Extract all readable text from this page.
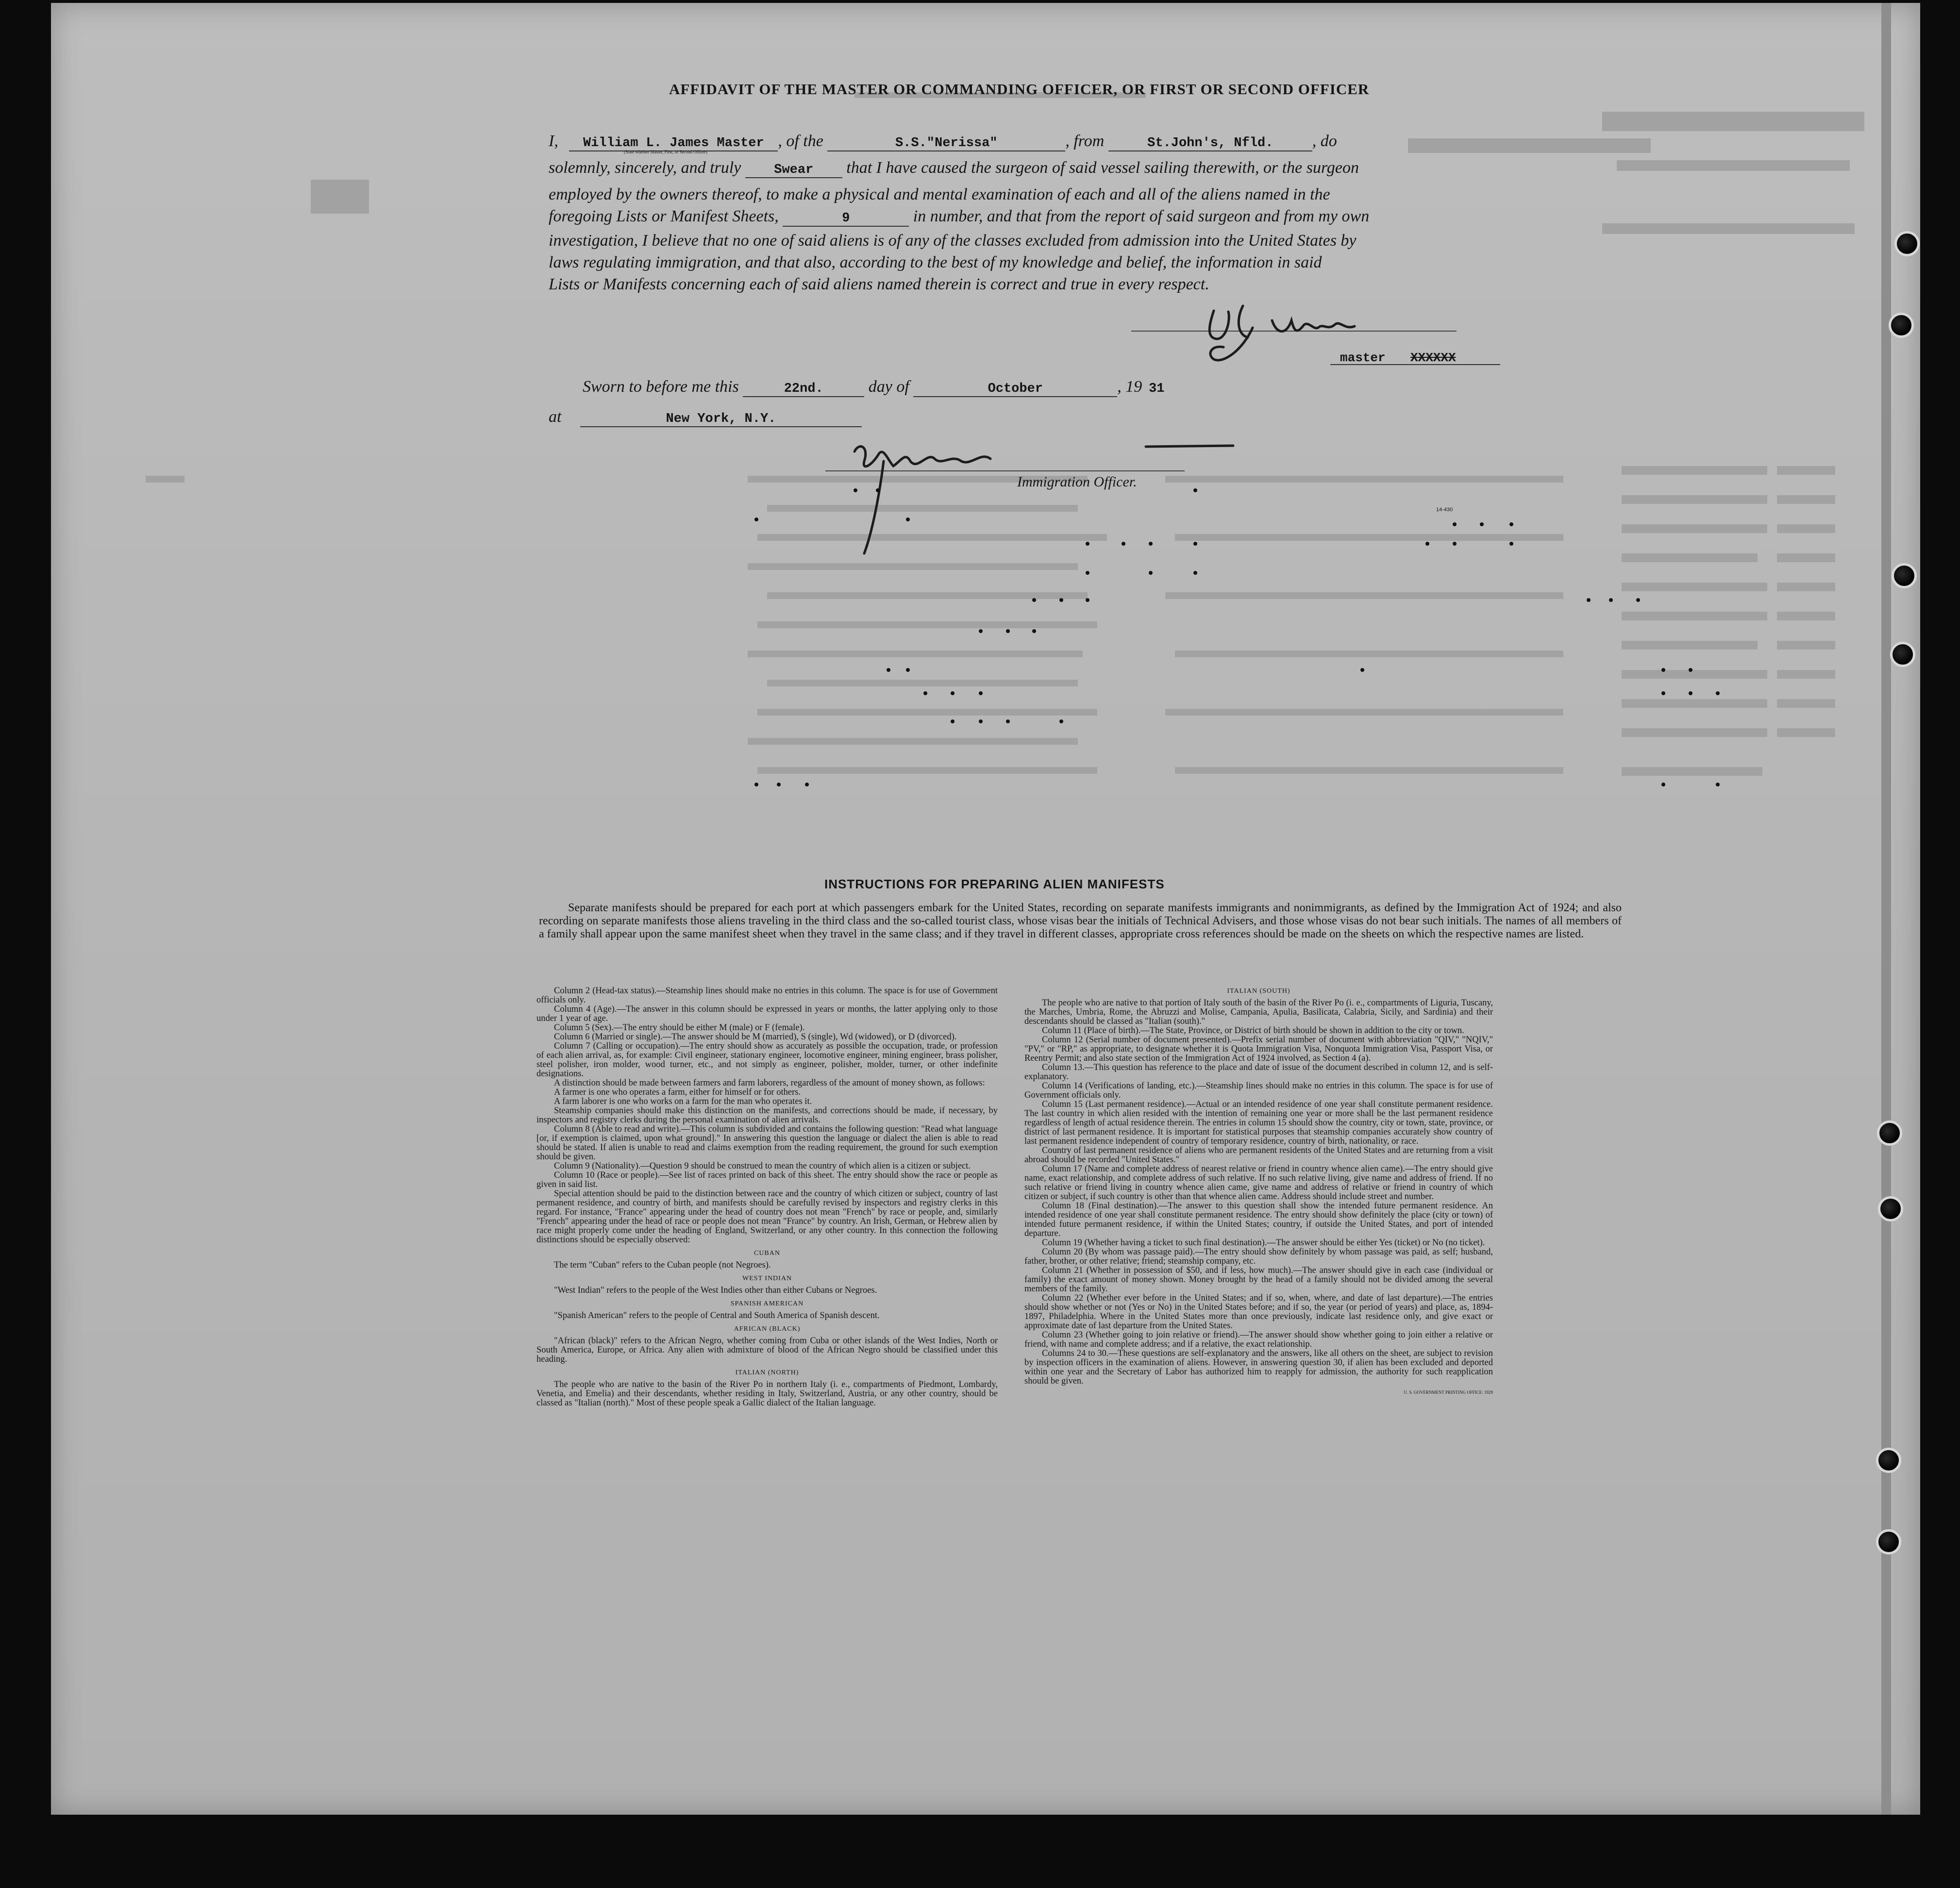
AFFIDAVIT OF THE MASTER OR COMMANDING OFFICER, OR FIRST OR SECOND OFFICER
I, William L. James Master , of the	S.S."Nerissa"	, from	St.John's, Nfld. , do
(State whether Master, First, or Second Officer)
solemnly, sincerely, and truly	Swear that I have caused the surgeon of said vessel sailing therewith, or the surgeon
employed by the owners thereof, to make a physical and mental examination of each and all of the aliens named in the
foregoing Lists or Manifest Sheets,	9	in number, and that from the report of said surgeon and from my own
investigation, I believe that no one of said aliens is of any of the classes excluded from admission into the United States by
laws regulating immigration, and that also, according to the best of my knowledge and belief, the information in said
Lists or Manifests concerning each of said aliens named therein is correct and true in every respect.
master XXXXXX
Sworn to before me this	22nd.	day of	October	, 19 31
at	New York, N.Y.
Immigration Officer.
14-430
INSTRUCTIONS FOR PREPARING ALIEN MANIFESTS
Separate manifests should be prepared for each port at which passengers embark for the United States, recording on separate manifests immigrants and nonimmigrants, as defined by the Immigration Act of 1924; and also recording on separate manifests those aliens traveling in the third class and the so-called tourist class, whose visas bear the initials of Technical Advisers, and those whose visas do not bear such initials. The names of all members of a family shall appear upon the same manifest sheet when they travel in the same class; and if they travel in different classes, appropriate cross references should be made on the sheets on which the respective names are listed.

Column 2 (Head-tax status).—Steamship lines should make no entries in this column. The space is for use of Government officials only.

Column 4 (Age).—The answer in this column should be expressed in years or months, the latter applying only to those under 1 year of age.

Column 5 (Sex).—The entry should be either M (male) or F (female).

Column 6 (Married or single).—The answer should be M (married), S (single), Wd (widowed), or D (divorced).

Column 7 (Calling or occupation).—The entry should show as accurately as possible the occupation, trade, or profession of each alien arrival, as, for example: Civil engineer, stationary engineer, locomotive engineer, mining engineer, brass polisher, steel polisher, iron molder, wood turner, etc., and not simply as engineer, polisher, molder, turner, or other indefinite designations.

A distinction should be made between farmers and farm laborers, regardless of the amount of money shown, as follows:

A farmer is one who operates a farm, either for himself or for others.

A farm laborer is one who works on a farm for the man who operates it.

Steamship companies should make this distinction on the manifests, and corrections should be made, if necessary, by inspectors and registry clerks during the personal examination of alien arrivals.

Column 8 (Able to read and write).—This column is subdivided and contains the following question: "Read what language [or, if exemption is claimed, upon what ground]." In answering this question the language or dialect the alien is able to read should be stated. If alien is unable to read and claims exemption from the reading requirement, the ground for such exemption should be given.

Column 9 (Nationality).—Question 9 should be construed to mean the country of which alien is a citizen or subject.

Column 10 (Race or people).—See list of races printed on back of this sheet. The entry should show the race or people as given in said list.

Special attention should be paid to the distinction between race and the country of which citizen or subject, country of last permanent residence, and country of birth, and manifests should be carefully revised by inspectors and registry clerks in this regard. For instance, "France" appearing under the head of country does not mean "French" by race or people, and, similarly "French" appearing under the head of race or people does not mean "France" by country. An Irish, German, or Hebrew alien by race might properly come under the heading of England, Switzerland, or any other country. In this connection the following distinctions should be especially observed:

CUBAN

The term "Cuban" refers to the Cuban people (not Negroes).

WEST INDIAN

"West Indian" refers to the people of the West Indies other than either Cubans or Negroes.

SPANISH AMERICAN

"Spanish American" refers to the people of Central and South America of Spanish descent.

AFRICAN (BLACK)

"African (black)" refers to the African Negro, whether coming from Cuba or other islands of the West Indies, North or South America, Europe, or Africa. Any alien with admixture of blood of the African Negro should be classified under this heading.

ITALIAN (NORTH)

The people who are native to the basin of the River Po in northern Italy (i. e., compartments of Piedmont, Lombardy, Venetia, and Emelia) and their descendants, whether residing in Italy, Switzerland, Austria, or any other country, should be classed as "Italian (north)." Most of these people speak a Gallic dialect of the Italian language.

ITALIAN (SOUTH)

The people who are native to that portion of Italy south of the basin of the River Po (i. e., compartments of Liguria, Tuscany, the Marches, Umbria, Rome, the Abruzzi and Molise, Campania, Apulia, Basilicata, Calabria, Sicily, and Sardinia) and their descendants should be classed as "Italian (south)."

Column 11 (Place of birth).—The State, Province, or District of birth should be shown in addition to the city or town.

Column 12 (Serial number of document presented).—Prefix serial number of document with abbreviation "QIV," "NQIV," "PV," or "RP," as appropriate, to designate whether it is Quota Immigration Visa, Nonquota Immigration Visa, Passport Visa, or Reentry Permit; and also state section of the Immigration Act of 1924 involved, as Section 4 (a).

Column 13.—This question has reference to the place and date of issue of the document described in column 12, and is self-explanatory.

Column 14 (Verifications of landing, etc.).—Steamship lines should make no entries in this column. The space is for use of Government officials only.

Column 15 (Last permanent residence).—Actual or an intended residence of one year shall constitute permanent residence. The last country in which alien resided with the intention of remaining one year or more shall be the last permanent residence regardless of length of actual residence therein. The entries in column 15 should show the country, city or town, state, province, or district of last permanent residence. It is important for statistical purposes that steamship companies accurately show country of last permanent residence independent of country of temporary residence, country of birth, nationality, or race.

Country of last permanent residence of aliens who are permanent residents of the United States and are returning from a visit abroad should be recorded "United States."

Column 17 (Name and complete address of nearest relative or friend in country whence alien came).—The entry should give name, exact relationship, and complete address of such relative. If no such relative living, give name and address of friend. If no such relative or friend living in country whence alien came, give name and address of relative or friend in country of which citizen or subject, if such country is other than that whence alien came. Address should include street and number.

Column 18 (Final destination).—The answer to this question shall show the intended future permanent residence. An intended residence of one year shall constitute permanent residence. The entry should show definitely the place (city or town) of intended future permanent residence, if within the United States; country, if outside the United States, and port of intended departure.

Column 19 (Whether having a ticket to such final destination).—The answer should be either Yes (ticket) or No (no ticket).

Column 20 (By whom was passage paid).—The entry should show definitely by whom passage was paid, as self; husband, father, brother, or other relative; friend; steamship company, etc.

Column 21 (Whether in possession of $50, and if less, how much).—The answer should give in each case (individual or family) the exact amount of money shown. Money brought by the head of a family should not be divided among the several members of the family.

Column 22 (Whether ever before in the United States; and if so, when, where, and date of last departure).—The entries should show whether or not (Yes or No) in the United States before; and if so, the year (or period of years) and place, as, 1894-1897, Philadelphia. Where in the United States more than once previously, indicate last residence only, and give exact or approximate date of last departure from the United States.

Column 23 (Whether going to join relative or friend).—The answer should show whether going to join either a relative or friend, with name and complete address; and if a relative, the exact relationship.

Columns 24 to 30.—These questions are self-explanatory and the answers, like all others on the sheet, are subject to revision by inspection officers in the examination of aliens. However, in answering question 30, if alien has been excluded and deported within one year and the Secretary of Labor has authorized him to reapply for admission, the authority for such reapplication should be given.

U. S. GOVERNMENT PRINTING OFFICE: 1929
